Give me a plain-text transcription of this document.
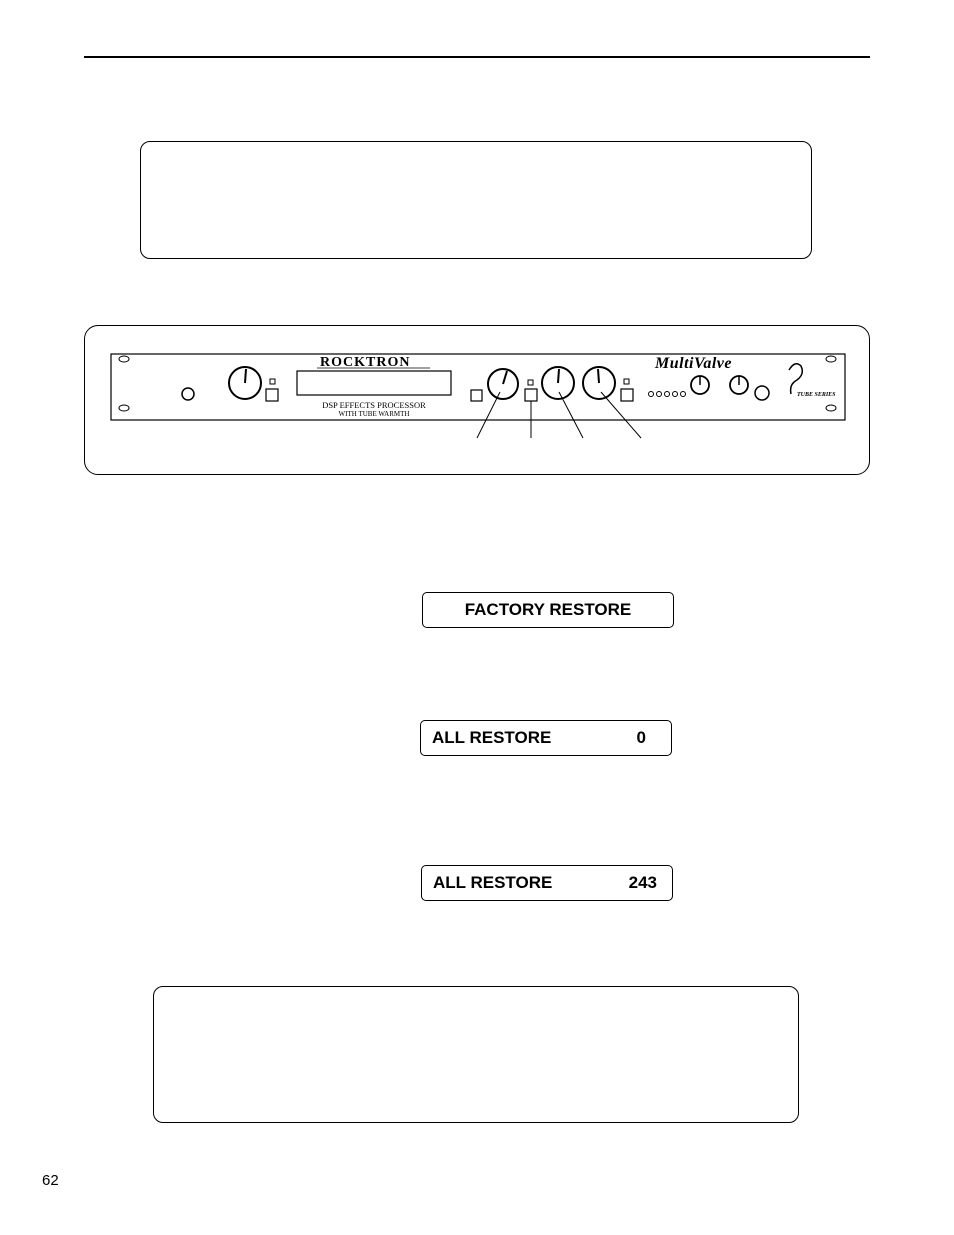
ROCKTRON
DSP EFFECTS PROCESSOR
WITH TUBE WARMTH
MultiValve
TUBE SERIES
FACTORY RESTORE
ALL RESTORE	0
ALL RESTORE	243
62
